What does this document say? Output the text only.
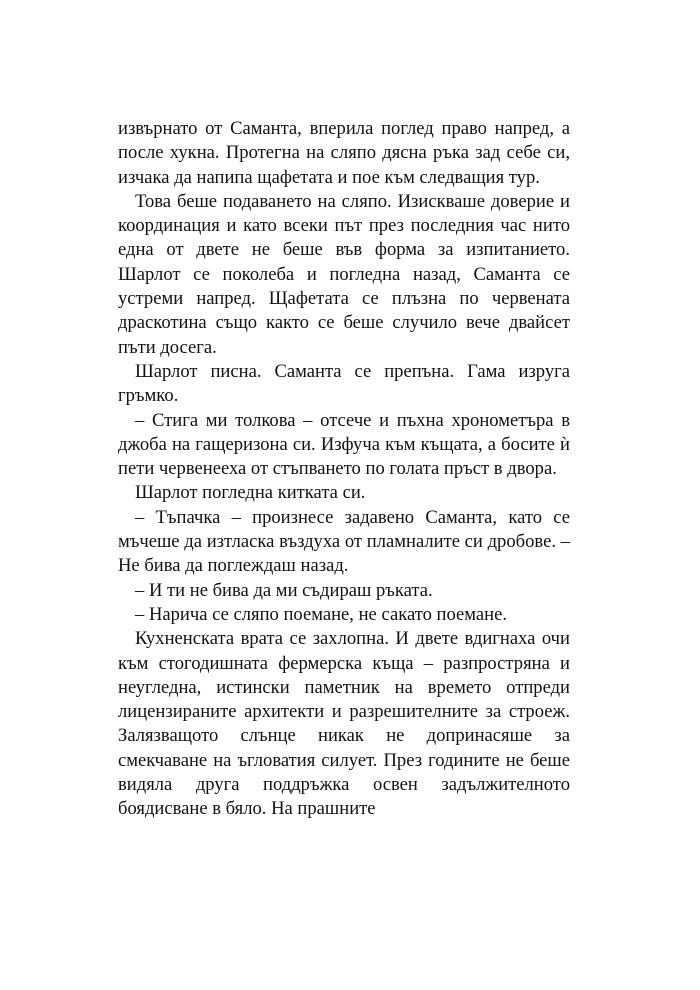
извърнато от Саманта, вперила поглед право напред, а после хукна. Протегна на сляпо дясна ръка зад себе си, изчака да напипа щафетата и пое към следващия тур.

Това беше подаването на сляпо. Изискваше доверие и координация и като всеки път през последния час нито една от двете не беше във форма за изпитанието. Шарлот се поколеба и погледна назад, Саманта се устреми напред. Щафетата се плъзна по червената драскотина също както се беше случило вече двайсет пъти досега.

Шарлот писна. Саманта се препъна. Гама изруга гръмко.

– Стига ми толкова – отсече и пъхна хронометъра в джоба на гащеризона си. Изфуча към къщата, а босите ѝ пети червенееха от стъпването по голата пръст в двора.

Шарлот погледна китката си.

– Тъпачка – произнесе задавено Саманта, като се мъчеше да изтласка въздуха от пламналите си дробове. – Не бива да поглеждаш назад.

– И ти не бива да ми съдираш ръката.

– Нарича се сляпо поемане, не сакато поемане.

Кухненската врата се захлопна. И двете вдигнаха очи към стогодишната фермерска къща – разпростряна и неугледна, истински паметник на времето отпреди лицензираните архитекти и разрешителните за строеж. Залязващото слънце никак не допринасяше за смекчаване на ъгловатия силует. През годините не беше видяла друга поддръжка освен задължителното боядисване в бяло. На прашните
